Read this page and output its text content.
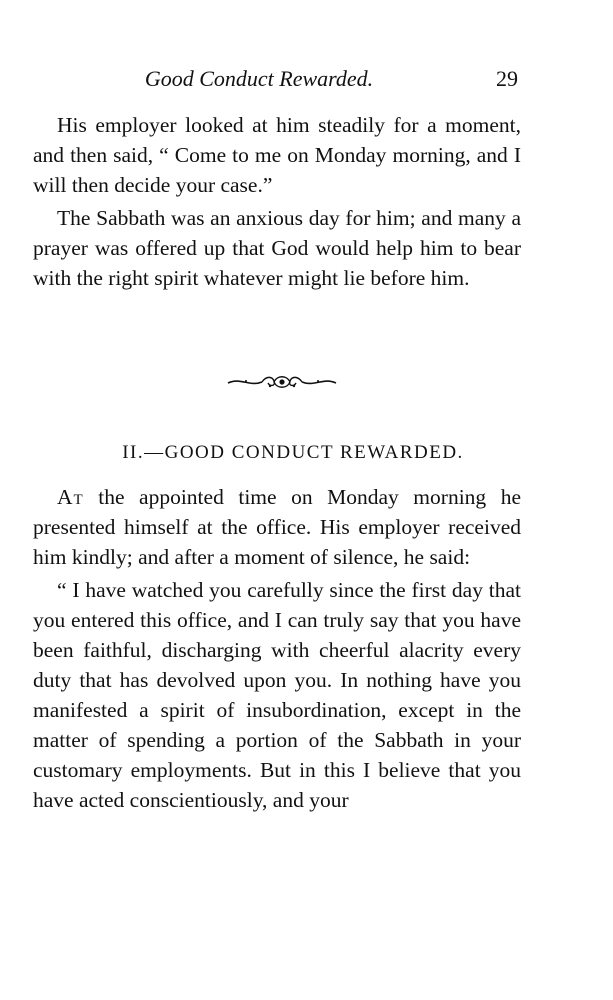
Good Conduct Rewarded.	29

His employer looked at him steadily for a moment, and then said, “ Come to me on Monday morning, and I will then decide your case.”

The Sabbath was an anxious day for him; and many a prayer was offered up that God would help him to bear with the right spirit whatever might lie before him.

II.—GOOD CONDUCT REWARDED.

At the appointed time on Monday morning he presented himself at the office. His employer received him kindly; and after a moment of silence, he said:

“ I have watched you carefully since the first day that you entered this office, and I can truly say that you have been faithful, discharging with cheerful alacrity every duty that has devolved upon you. In nothing have you manifested a spirit of insubordination, except in the matter of spending a portion of the Sabbath in your customary employments. But in this I believe that you have acted conscientiously, and your
